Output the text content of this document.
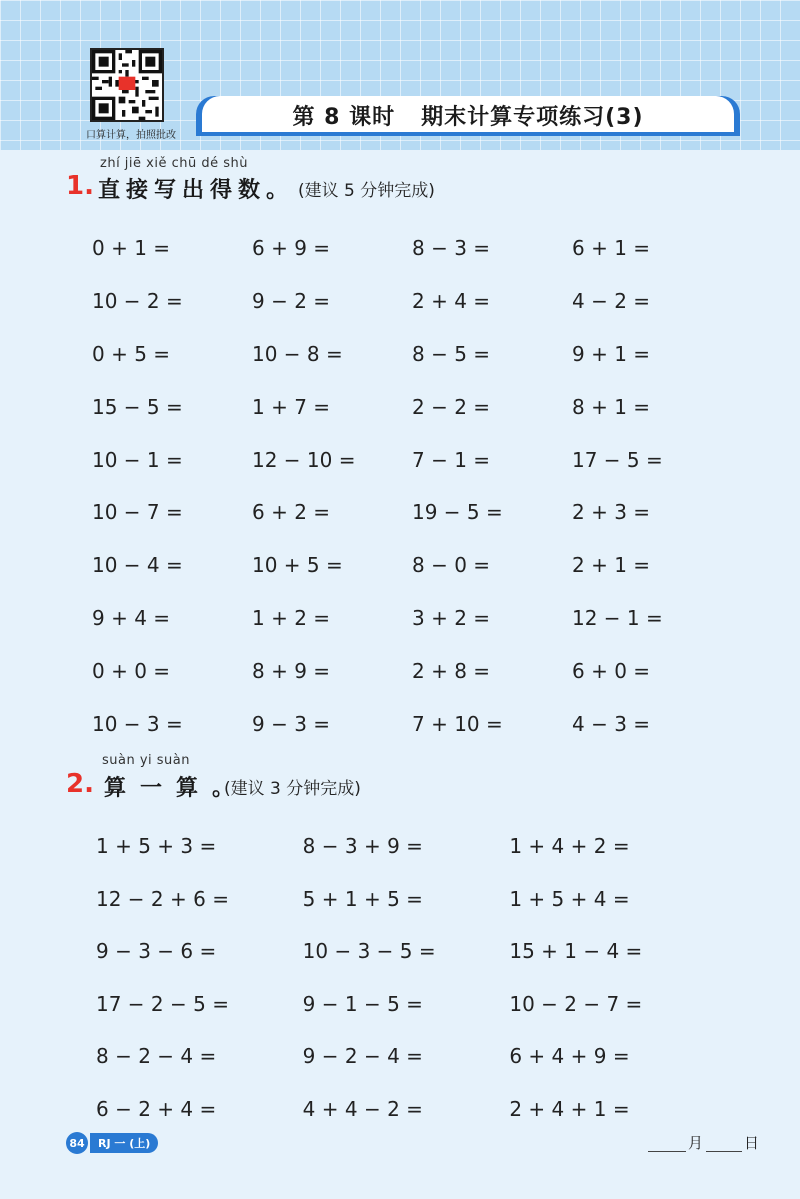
口算计算，拍照批改
第 8 课时 期末计算专项练习(3)
zhí jiē xiě chū dé shù
1. 直接写出得数。 (建议 5 分钟完成)
0 + 1 =	6 + 9 =	8 − 3 =	6 + 1 =
10 − 2 =	9 − 2 =	2 + 4 =	4 − 2 =
0 + 5 =	10 − 8 =	8 − 5 =	9 + 1 =
15 − 5 =	1 + 7 =	2 − 2 =	8 + 1 =
10 − 1 =	12 − 10 =	7 − 1 =	17 − 5 =
10 − 7 =	6 + 2 =	19 − 5 =	2 + 3 =
10 − 4 =	10 + 5 =	8 − 0 =	2 + 1 =
9 + 4 =	1 + 2 =	3 + 2 =	12 − 1 =
0 + 0 =	8 + 9 =	2 + 8 =	6 + 0 =
10 − 3 =	9 − 3 =	7 + 10 =	4 − 3 =
suàn yi suàn
2. 算一算。
(建议 3 分钟完成)
1 + 5 + 3 =	8 − 3 + 9 =	1 + 4 + 2 =
12 − 2 + 6 =	5 + 1 + 5 =	1 + 5 + 4 =
9 − 3 − 6 =	10 − 3 − 5 =	15 + 1 − 4 =
17 − 2 − 5 =	9 − 1 − 5 =	10 − 2 − 7 =
8 − 2 − 4 =	9 − 2 − 4 =	6 + 4 + 9 =
6 − 2 + 4 =	4 + 4 − 2 =	2 + 4 + 1 =
84	RJ 一 (上)	月	日
